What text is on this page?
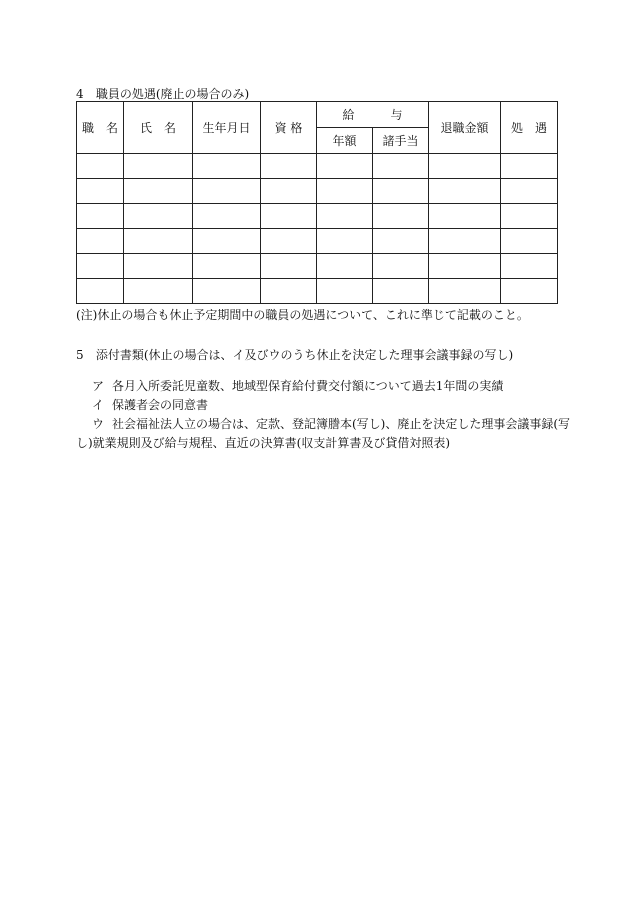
4 職員の処遇(廃止の場合のみ)
職　名	氏　名	生年月日	資 格	給　　　与		退職金額	処　遇
				年額	諸手当		

(注)休止の場合も休止予定期間中の職員の処遇について、これに準じて記載のこと。
5 添付書類(休止の場合は、イ及びウのうち休止を決定した理事会議事録の写し)
ア 各月入所委託児童数、地域型保育給付費交付額について過去1年間の実績
イ 保護者会の同意書
ウ 社会福祉法人立の場合は、定款、登記簿謄本(写し)、廃止を決定した理事会議事録(写
し)就業規則及び給与規程、直近の決算書(収支計算書及び貸借対照表)
